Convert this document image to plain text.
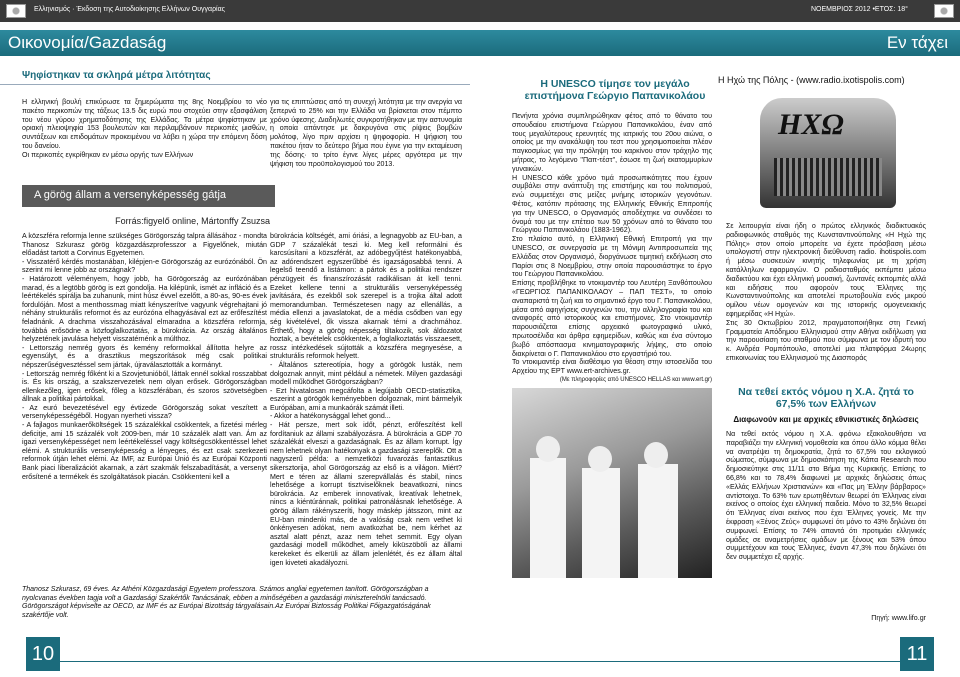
Ελληνισμός · Έκδοση της Αυτοδιοίκησης Ελλήνων Ουγγαρίας	ΝΟΕΜΒΡΙΟΣ 2012 •ΕΤΟΣ: 18°
Οικονομία/Gazdaság	Εν τάχει
Ψηφίστηκαν τα σκληρά μέτρα λιτότητας
Η ελληνική βουλή επικύρωσε τα ξημερώματα της 8ης Νοεμβρίου το νέο πακέτο περικοπών της τάξεως 13.5 δις ευρώ που στοχεύει στην εξασφάλιση του νέου γύρου χρηματοδότησης της Ελλάδας. Τα μέτρα ψηφίστηκαν με οριακή πλειοψηφία 153 βουλευτών και περιλαμβάνουν περικοπές μισθών, συντάξεων και επιδομάτων προκειμένου να λάβει η χώρα την επόμενη δόση του δανείου.
Οι περικοπές εγκρίθηκαν εν μέσω οργής των Ελλήνων
για τις επιπτώσεις από τη συνεχή λιτότητα με την ανεργία να ξεπερνά το 25% και την Ελλάδα να βρίσκεται στον πέμπτο χρόνο ύφεσης. Διαδηλωτές συγκροτήθηκαν με την αστυνομία η οποία απάντησε με δακρυγόνα στις ρίψεις βομβών μολότοφ, λίγο πριν αρχίσει η ψηφοφορία. Η ψήφιση του πακέτου ήταν το δεύτερο βήμα που έγινε για την εκταμίευση της δόσης· το τρίτο έγινε λίγες μέρες αργότερα με την ψήφιση του προϋπολογισμού του 2013.
A görög állam a versenyképesség gátja
Forrás:figyelő online, Mártonffy Zsuzsa
A közszféra reformja lenne szükséges Görögország talpra állásához - mondta Thanosz Szkurasz görög közgazdászprofesszor a Figyelőnek, miután előadást tartott a Corvinus Egyetemen.
- Visszatérő kérdés mostanában, kilépjen-e Görögország az eurózónából. Ön szerint mi lenne jobb az országnak?
- Határozott véleményem, hogy jobb, ha Görögország az eurózónában marad, és a legtöbb görög is ezt gondolja. Ha kilépünk, ismét az infláció és a leértékelés spirálja ba zuhanunk, mint húsz évvel ezelőtt, a 80-as, 90-es évek fordulóján. Most a menthossmag miatt kényszerítve vagyunk végrehajtani jó néhány strukturális reformot és az eurózóna elhagyásával ezt az erőfeszítést feladnánk. A drachma visszahozásával elmaradna a közszféra reformja, továbbá erősödne a közfoglalkoztatás, a bürokrácia. Az ország általános helyzetének javulása helyett visszatérnénk a múlthoz.
- Lettország nemrég gyors és kemény reformokkal állította helyre az egyensúlyt, és a drasztikus megszorítások még csak politikai népszerűségvesztéssel sem jártak, újraválasztották a kormányt.
- Lettország nemrég főként ki a Szovjetunióból, láttak ennél sokkal rosszabbat is. És kis ország, a szakszervezetek nem olyan erősek. Görögországban ellenkezőleg, igen erősek, főleg a közszférában, és szoros szövetségben állnak a politikai pártokkal.
- Az euró bevezetésével egy évtizede Görögország sokat veszített a versenyképességéből. Hogyan nyerheti vissza?
- A fajlagos munkaerőköltségek 15 százalékkal csökkentek, a fizetési mérleg deficitje, ami 15 százalék volt 2009-ben, már 10 százalék alatt van. Ám az igazi versenyképességet nem leértékeléssel vagy költségcsökkentéssel lehet elérni. A strukturális versenyképesség a lényeges, és ezt csak szerkezeti reformok útján lehet elérni. Az IMF, az Európai Unió és az Európai Központi Bank piaci liberalizációt akarnak, a zárt szakmák felszabadítását, a versenyt erősítené a termékek és szolgáltatások piacán. Csökkenteni kell a
bürokrácia költségét, ami óriási, a legnagyobb az EU-ban, a GDP 7 százalékát teszi ki. Meg kell reformálni és karcsúsítani a közszférát, az adóbegyűjtést hatékonyabbá, az adórendszert egyszerűbbé és igazságosabbá tenni. A legelső teendő a listámon: a pártok és a politikai rendszer pénzügyeit és finanszírozását radikálisan át kell tenni. Ezeket kellene tenni a strukturális versenyképesség javítására, és ezekből sok szerepel is a trojka által adott memorandumban. Természetesen nagy az ellenállás, a média ellenzi a javaslatokat, de a média csődben van egy ség kivételével, ők vissza akarnak térni a drachmához. Érthető, hogy a görög népesség tiltakozik, sok áldozatot hoztak, a bevételek csökkentek, a foglalkoztatás visszaesett, rossz intézkedések sújtották a közszféra megnyesése, a strukturális reformok helyett.
- Általános sztereotípia, hogy a görögök lusták, nem dolgoznak annyit, mint például a németek. Milyen gazdasági modell működhet Görögországban?
- Ezt hivatalosan megcáfolta a legújabb OECD-statisztika, eszerint a görögök keményebben dolgoznak, mint bármelyik Európában, ami a munkaórák számát illeti.
- Akkor a hatékonysággal lehet gond...
- Hát persze, mert sok időt, pénzt, erőfeszítést kell fordítaniuk az állami szabályozásra. A bürokrácia a GDP 70 százalékát elveszi a gazdaságnak. És az állam korrupt. Így nem lehetnek olyan hatékonyak a gazdasági szereplők. Ott a nagyszerű példa: a nemzetközi fuvarozás fantasztikus sikersztorija, ahol Görögország az első is a világon. Miért? Mert e téren az állami szerepvállalás és stabil, nincs lehetősége a korrupt tisztviselőknek beavatkozni, nincs bürokrácia. Az emberek innovatívak, kreatívak lehetnek, nincs a kiéntúránnak, politikai patronálásnak lehetősége. A görög állam rákényszeríti, hogy máskép játsszon, mint az EU-ban mindenki más, de a valóság csak nem vethet ki önkényesen adókat, nem avatkozhat be, nem kérhet az asztal alatt pénzt, azaz nem tehet semmit. Egy olyan gazdasági modell működhet, amely kiküszöböli az állami kerekeket és elkerüli az állam jelenlétét, és ez állam által igen kiveteti akadályozni.
Thanosz Szkurasz, 69 éves. Az Athéni Közgazdasági Egyetem professzora. Számos angliai egyetemen tanított. Görögországban a nyolcvanas években tagja volt a Gazdasági Szakértők Tanácsának, ebben a minőségében a gazdasági miniszterelnöki tanácsadó. Görögországot képviselte az OECD, az IMF és az Európai Bizottság tárgyalásain.Az Európai Biztosság Politikai Főigazgatóságának szakértője volt.
Η UNESCO τίμησε τον μεγάλο επιστήμονα Γεώργιο Παπανικολάου
Πενήντα χρόνια συμπληρώθηκαν φέτος από το θάνατο του σπουδαίου επιστήμονα Γεώργιου Παπανικολάου, έναν από τους μεγαλύτερους ερευνητές της ιατρικής του 20ου αιώνα, ο οποίος με την ανακάλυψη του τεστ που χρησιμοποιείται πλέον παγκοσμίως για την πρόληψη του καρκίνου στον τράχηλο της μήτρας, το λεγόμενο "Παπ-τέστ", έσωσε τη ζωή εκατομμυρίων γυναικών.
Η UNESCO κάθε χρόνο τιμά προσωπικότητες που έχουν συμβάλει στην ανάπτυξη της επιστήμης και του πολιτισμού, ενώ συμμετέχει στις μείζες μνήμης ιστορικών γεγονότων. Φέτος, κατόπιν πρότασης της Ελληνικής Εθνικής Επιτροπής για την UNESCO, ο Οργανισμός αποδέχτηκε να συνδέσει το όνομά του με την επέτειο των 50 χρόνων από το θάνατο του Γεώργιου Παπανικολάου (1883-1962).
Στο πλαίσιο αυτό, η Ελληνική Εθνική Επιτροπή για την UNESCO, σε συνεργασία με τη Μόνιμη Αντιπροσωπεία της Ελλάδας στον Οργανισμό, διοργάνωσε τιμητική εκδήλωση στο Παρίσι στις 8 Νοεμβρίου, στην οποία παρουσιάστηκε το έργο του Γεώργιου Παπανικολάου.
Επίσης προβλήθηκε το ντοκιμαντέρ του Λευτέρη Ξανθόπουλου «ΓΕΩΡΓΙΟΣ ΠΑΠΑΝΙΚΟΛΑΟΥ – ΠΑΠ ΤΕΣΤ», το οποίο αναπαριστά τη ζωή και το σημαντικό έργο του Γ. Παπανικολάου, μέσα από αφηγήσεις συγγενών του, την αλληλογραφία του και αναφορές από ιστορικούς και επιστήμονες. Στο ντοκιμαντέρ παρουσιάζεται επίσης αρχειακό φωτογραφικό υλικό, πρωτοσέλιδα και άρθρα εφημερίδων, καθώς και ένα σύντομο βωβό απόσπασμα κινηματογραφικής λήψης, στο οποίο διακρίνεται ο Γ. Παπανικολάου στο εργαστήριό του.
Το ντοκιμαντέρ είναι διαθέσιμο για θέαση στην ιστοσελίδα του Αρχείου της ΕΡΤ www.ert-archives.gr.
(Με πληροφορίες από UNESCO HELLAS και www.ert.gr)
Η Ηχώ της Πόλης - (www.radio.ixotispolis.com)
ΗΧΩ
Σε λειτουργία είναι ήδη ο πρώτος ελληνικός διαδικτυακός ραδιοφωνικός σταθμός της Κωνσταντινούπολης «Η Ηχώ της Πόλης» στον οποίο μπορείτε να έχετε πρόσβαση μέσω υπολογιστή στην ηλεκτρονική διεύθυνση radio. ihotispolis.com ή μέσω συσκευών κινητής τηλεφωνίας με τη χρήση κατάλληλων εφαρμογών. Ο ραδιοσταθμός εκπέμπει μέσω διαδικτύου και έχει ελληνική μουσική, ζωντανές εκπομπές αλλά και ειδήσεις που αφορούν τους Έλληνες της Κωνσταντινούπολης και αποτελεί πρωτοβουλία ενός μικρού ομίλου νέων ομογενών και της ιστορικής ομογενειακής εφημερίδας «Η Ηχώ».
Στις 30 Οκτωβρίου 2012, πραγματοποιήθηκε στη Γενική Γραμματεία Απόδημου Ελληνισμού στην Αθήνα εκδήλωση για την παρουσίαση του σταθμού που σύμφωνα με τον ιδρυτή του κ. Ανδρέα Ρομπόπουλο, αποτελεί μια πλατφόρμα 24ωρης επικοινωνίας του Ελληνισμού της Διασποράς
Να τεθεί εκτός νόμου η Χ.Α. ζητά το 67,5% των Ελλήνων
Διαφωνούν και με αρχικές εθνικιστικές δηλώσεις
Να τεθεί εκτός νόμου η Χ.Α. φρόνω εξακολουθήσει να παραβιάζει την ελληνική νομοθεσία και όπου άλλο κόμμα θέλει να ανατρέψει τη δημοκρατία, ζητά το 67,5% του εκλογικού σώματος, σύμφωνα με δημοσκόπηση της Κάπα Research που δημοσιεύτηκε στις 11/11 στο Βήμα της Κυριακής. Επίσης το 66,8% και το 78,4% διαφωνεί με αρχικές δηλώσεις όπως «Ελλάς Ελλήνων Χριστιανών» και «Πας μη Έλλην βάρβαρος» αντίστοιχα. Το 63% των ερωτηθέντων θεωρεί ότι Έλληνας είναι εκείνος ο οποίος έχει ελληνική παιδεία. Μόνο το 32,5% θεωρεί ότι Έλληνας είναι εκείνος που έχει Έλληνες γονείς. Με την έκφραση «Ξένος Ζεύς» συμφωνεί ότι μόνο το 43% δηλώνει ότι συμφωνεί. Επίσης το 74% απαντά ότι προτιμάει ελληνικές ομάδες σε αναμετρήσεις ομάδων με ξένους και 53% όπου συμμετέχουν και τους Έλληνες, έναντι 47,3% που δηλώνει ότι δεν συμμετέχει εξ αρχής.
Πηγή: www.lifo.gr
10	11
